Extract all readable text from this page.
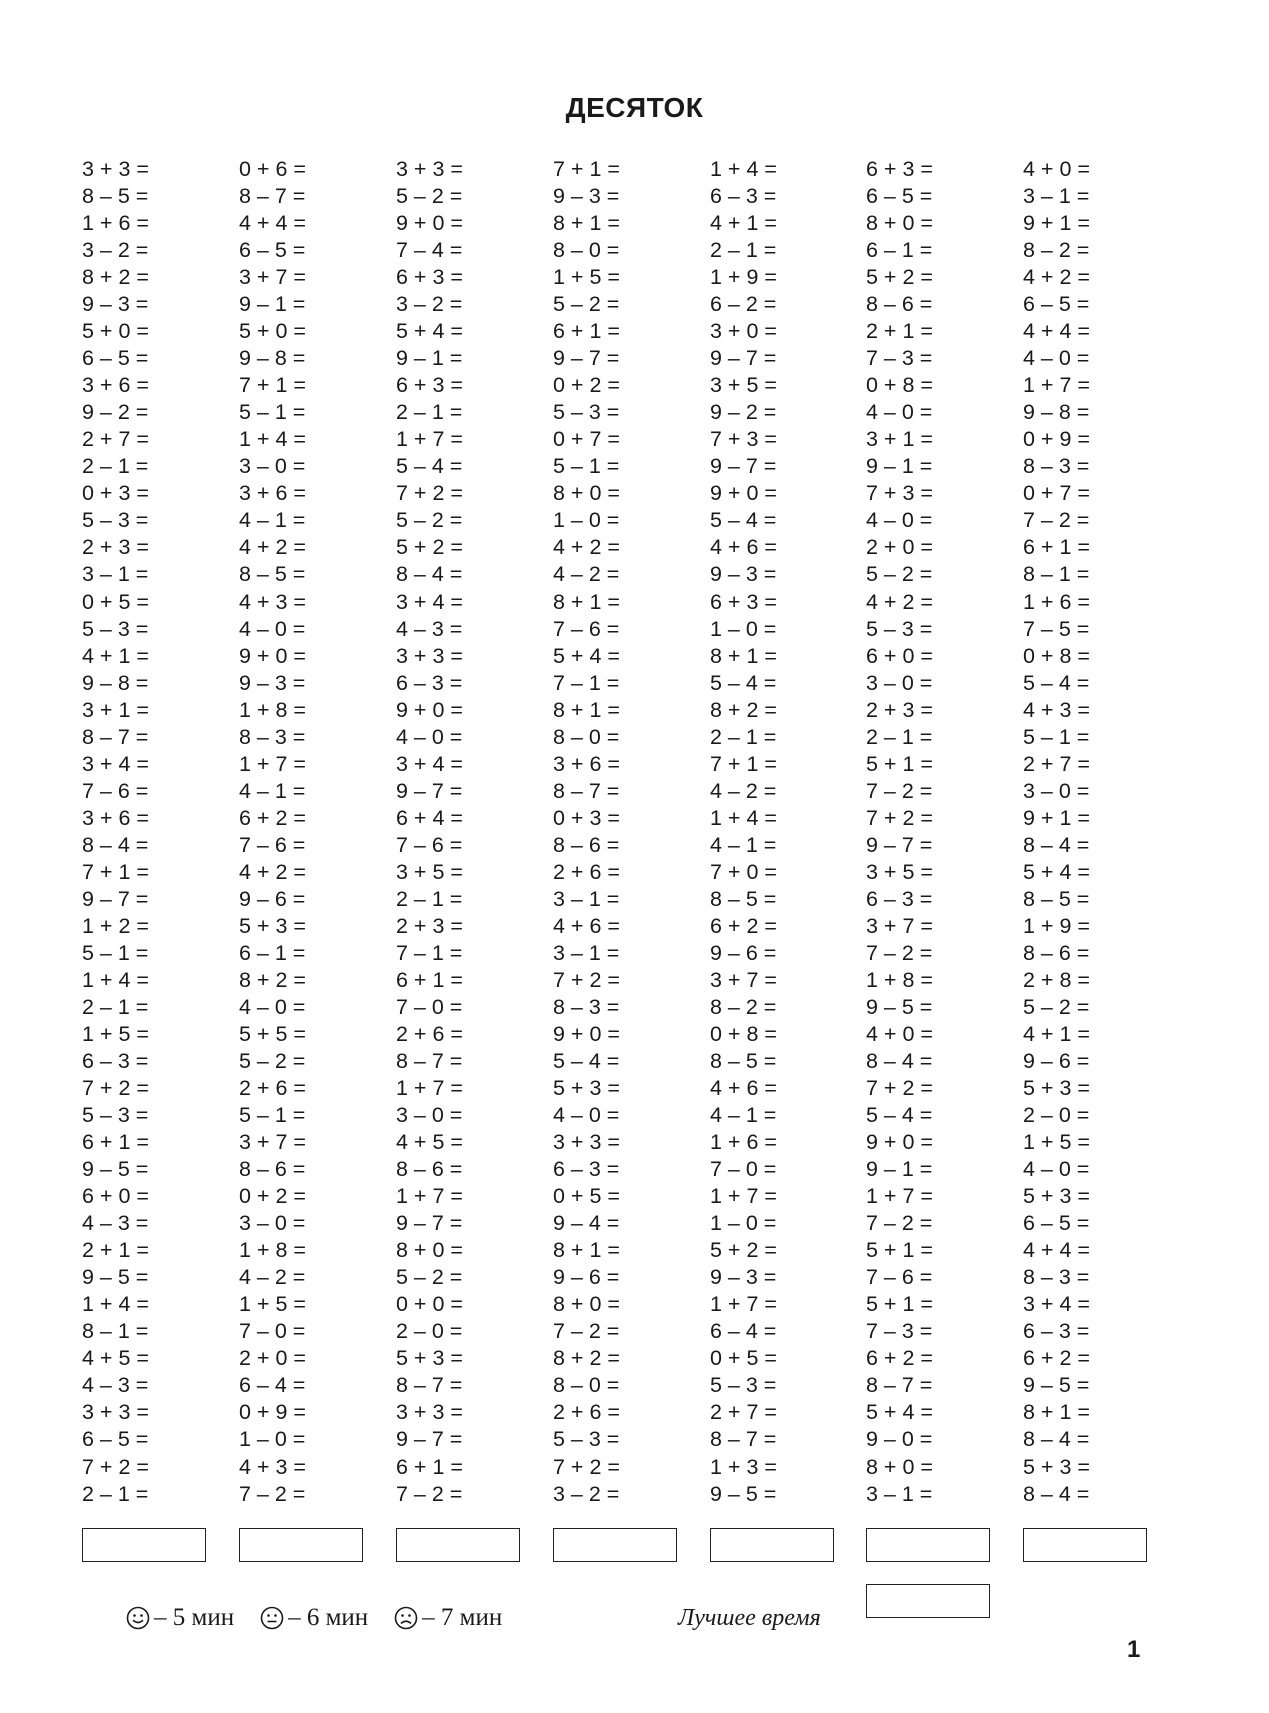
ДЕСЯТОК
3 + 3 =
8 – 5 =
1 + 6 =
3 – 2 =
8 + 2 =
9 – 3 =
5 + 0 =
6 – 5 =
3 + 6 =
9 – 2 =
2 + 7 =
2 – 1 =
0 + 3 =
5 – 3 =
2 + 3 =
3 – 1 =
0 + 5 =
5 – 3 =
4 + 1 =
9 – 8 =
3 + 1 =
8 – 7 =
3 + 4 =
7 – 6 =
3 + 6 =
8 – 4 =
7 + 1 =
9 – 7 =
1 + 2 =
5 – 1 =
1 + 4 =
2 – 1 =
1 + 5 =
6 – 3 =
7 + 2 =
5 – 3 =
6 + 1 =
9 – 5 =
6 + 0 =
4 – 3 =
2 + 1 =
9 – 5 =
1 + 4 =
8 – 1 =
4 + 5 =
4 – 3 =
3 + 3 =
6 – 5 =
7 + 2 =
2 – 1 =
0 + 6 =
8 – 7 =
4 + 4 =
6 – 5 =
3 + 7 =
9 – 1 =
5 + 0 =
9 – 8 =
7 + 1 =
5 – 1 =
1 + 4 =
3 – 0 =
3 + 6 =
4 – 1 =
4 + 2 =
8 – 5 =
4 + 3 =
4 – 0 =
9 + 0 =
9 – 3 =
1 + 8 =
8 – 3 =
1 + 7 =
4 – 1 =
6 + 2 =
7 – 6 =
4 + 2 =
9 – 6 =
5 + 3 =
6 – 1 =
8 + 2 =
4 – 0 =
5 + 5 =
5 – 2 =
2 + 6 =
5 – 1 =
3 + 7 =
8 – 6 =
0 + 2 =
3 – 0 =
1 + 8 =
4 – 2 =
1 + 5 =
7 – 0 =
2 + 0 =
6 – 4 =
0 + 9 =
1 – 0 =
4 + 3 =
7 – 2 =
3 + 3 =
5 – 2 =
9 + 0 =
7 – 4 =
6 + 3 =
3 – 2 =
5 + 4 =
9 – 1 =
6 + 3 =
2 – 1 =
1 + 7 =
5 – 4 =
7 + 2 =
5 – 2 =
5 + 2 =
8 – 4 =
3 + 4 =
4 – 3 =
3 + 3 =
6 – 3 =
9 + 0 =
4 – 0 =
3 + 4 =
9 – 7 =
6 + 4 =
7 – 6 =
3 + 5 =
2 – 1 =
2 + 3 =
7 – 1 =
6 + 1 =
7 – 0 =
2 + 6 =
8 – 7 =
1 + 7 =
3 – 0 =
4 + 5 =
8 – 6 =
1 + 7 =
9 – 7 =
8 + 0 =
5 – 2 =
0 + 0 =
2 – 0 =
5 + 3 =
8 – 7 =
3 + 3 =
9 – 7 =
6 + 1 =
7 – 2 =
7 + 1 =
9 – 3 =
8 + 1 =
8 – 0 =
1 + 5 =
5 – 2 =
6 + 1 =
9 – 7 =
0 + 2 =
5 – 3 =
0 + 7 =
5 – 1 =
8 + 0 =
1 – 0 =
4 + 2 =
4 – 2 =
8 + 1 =
7 – 6 =
5 + 4 =
7 – 1 =
8 + 1 =
8 – 0 =
3 + 6 =
8 – 7 =
0 + 3 =
8 – 6 =
2 + 6 =
3 – 1 =
4 + 6 =
3 – 1 =
7 + 2 =
8 – 3 =
9 + 0 =
5 – 4 =
5 + 3 =
4 – 0 =
3 + 3 =
6 – 3 =
0 + 5 =
9 – 4 =
8 + 1 =
9 – 6 =
8 + 0 =
7 – 2 =
8 + 2 =
8 – 0 =
2 + 6 =
5 – 3 =
7 + 2 =
3 – 2 =
1 + 4 =
6 – 3 =
4 + 1 =
2 – 1 =
1 + 9 =
6 – 2 =
3 + 0 =
9 – 7 =
3 + 5 =
9 – 2 =
7 + 3 =
9 – 7 =
9 + 0 =
5 – 4 =
4 + 6 =
9 – 3 =
6 + 3 =
1 – 0 =
8 + 1 =
5 – 4 =
8 + 2 =
2 – 1 =
7 + 1 =
4 – 2 =
1 + 4 =
4 – 1 =
7 + 0 =
8 – 5 =
6 + 2 =
9 – 6 =
3 + 7 =
8 – 2 =
0 + 8 =
8 – 5 =
4 + 6 =
4 – 1 =
1 + 6 =
7 – 0 =
1 + 7 =
1 – 0 =
5 + 2 =
9 – 3 =
1 + 7 =
6 – 4 =
0 + 5 =
5 – 3 =
2 + 7 =
8 – 7 =
1 + 3 =
9 – 5 =
6 + 3 =
6 – 5 =
8 + 0 =
6 – 1 =
5 + 2 =
8 – 6 =
2 + 1 =
7 – 3 =
0 + 8 =
4 – 0 =
3 + 1 =
9 – 1 =
7 + 3 =
4 – 0 =
2 + 0 =
5 – 2 =
4 + 2 =
5 – 3 =
6 + 0 =
3 – 0 =
2 + 3 =
2 – 1 =
5 + 1 =
7 – 2 =
7 + 2 =
9 – 7 =
3 + 5 =
6 – 3 =
3 + 7 =
7 – 2 =
1 + 8 =
9 – 5 =
4 + 0 =
8 – 4 =
7 + 2 =
5 – 4 =
9 + 0 =
9 – 1 =
1 + 7 =
7 – 2 =
5 + 1 =
7 – 6 =
5 + 1 =
7 – 3 =
6 + 2 =
8 – 7 =
5 + 4 =
9 – 0 =
8 + 0 =
3 – 1 =
4 + 0 =
3 – 1 =
9 + 1 =
8 – 2 =
4 + 2 =
6 – 5 =
4 + 4 =
4 – 0 =
1 + 7 =
9 – 8 =
0 + 9 =
8 – 3 =
0 + 7 =
7 – 2 =
6 + 1 =
8 – 1 =
1 + 6 =
7 – 5 =
0 + 8 =
5 – 4 =
4 + 3 =
5 – 1 =
2 + 7 =
3 – 0 =
9 + 1 =
8 – 4 =
5 + 4 =
8 – 5 =
1 + 9 =
8 – 6 =
2 + 8 =
5 – 2 =
4 + 1 =
9 – 6 =
5 + 3 =
2 – 0 =
1 + 5 =
4 – 0 =
5 + 3 =
6 – 5 =
4 + 4 =
8 – 3 =
3 + 4 =
6 – 3 =
6 + 2 =
9 – 5 =
8 + 1 =
8 – 4 =
5 + 3 =
8 – 4 =
– 5 мин – 6 мин – 7 мин	Лучшее время
1
